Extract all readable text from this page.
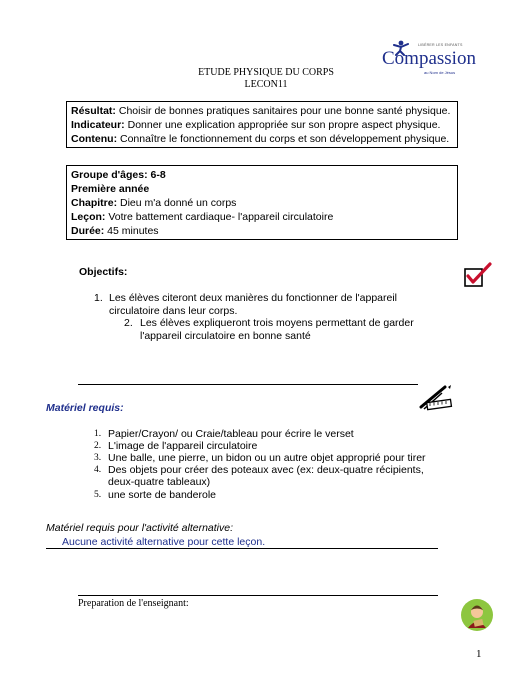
ETUDE PHYSIQUE DU CORPS
LECON11
LIBÉRER LES ENFANTS
Compassion
au Nom de Jésus
Résultat: Choisir de bonnes pratiques sanitaires pour une bonne santé physique.
Indicateur: Donner une explication appropriée sur son propre aspect physique.
Contenu: Connaître le fonctionnement du corps et son développement physique.
Groupe d'âges: 6-8
Première année
Chapitre: Dieu m'a donné un corps
Leçon: Votre battement cardiaque- l'appareil circulatoire
Durée: 45 minutes
Objectifs:
1. Les élèves citeront deux manières du fonctionner de l'appareil
circulatoire dans leur corps.
2. Les élèves expliqueront trois moyens permettant de garder
l'appareil circulatoire en bonne santé
Matériel requis:
1. Papier/Crayon/ ou Craie/tableau pour écrire le verset
2. L'image de l'appareil circulatoire
3. Une balle, une pierre, un bidon ou un autre objet approprié pour tirer
4. Des objets pour créer des poteaux avec (ex: deux-quatre récipients,
deux-quatre tableaux)
5. une sorte de banderole
Matériel requis pour l'activité alternative:
Aucune activité alternative pour cette leçon.
Preparation de l'enseignant:
1
